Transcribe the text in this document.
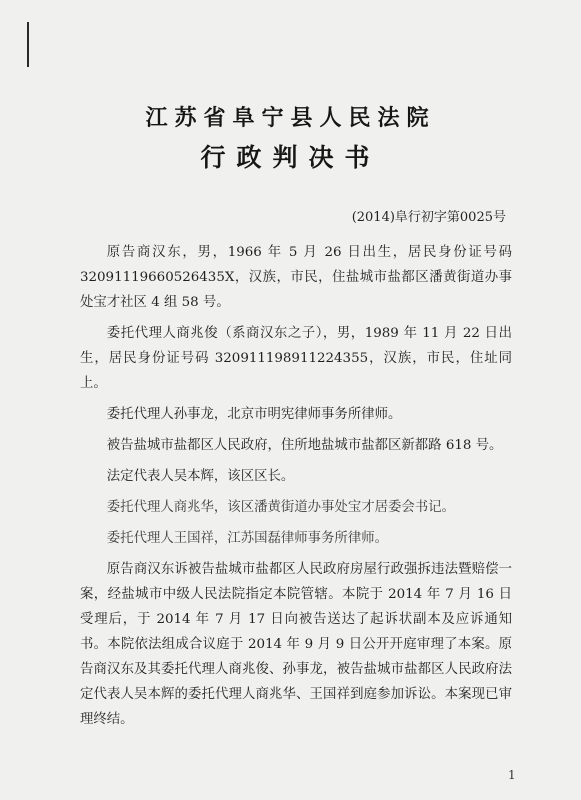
江苏省阜宁县人民法院
行政判决书
(2014)阜行初字第0025号

原告商汉东，男，1966 年 5 月 26 日出生，居民身份证号码 32091119660526435X，汉族，市民，住盐城市盐都区潘黄街道办事处宝才社区 4 组 58 号。

委托代理人商兆俊（系商汉东之子），男，1989 年 11 月 22 日出生，居民身份证号码 320911198911224355，汉族，市民，住址同上。

委托代理人孙事龙，北京市明宪律师事务所律师。

被告盐城市盐都区人民政府，住所地盐城市盐都区新都路 618 号。

法定代表人吴本辉，该区区长。

委托代理人商兆华，该区潘黄街道办事处宝才居委会书记。

委托代理人王国祥，江苏国磊律师事务所律师。

原告商汉东诉被告盐城市盐都区人民政府房屋行政强拆违法暨赔偿一案，经盐城市中级人民法院指定本院管辖。本院于 2014 年 7 月 16 日受理后，于 2014 年 7 月 17 日向被告送达了起诉状副本及应诉通知书。本院依法组成合议庭于 2014 年 9 月 9 日公开开庭审理了本案。原告商汉东及其委托代理人商兆俊、孙事龙，被告盐城市盐都区人民政府法定代表人吴本辉的委托代理人商兆华、王国祥到庭参加诉讼。本案现已审理终结。

1
